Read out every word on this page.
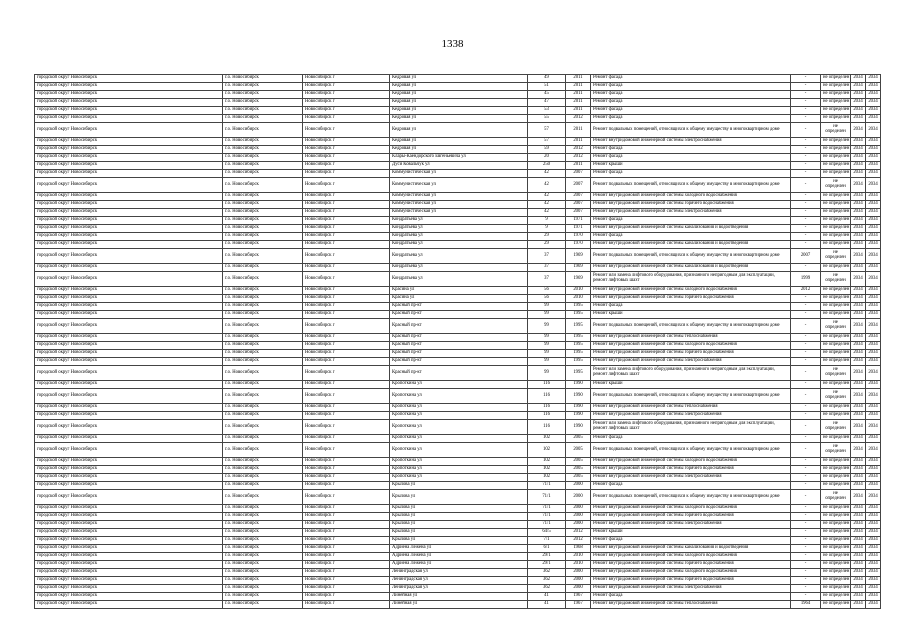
1338
городской округ Новосибирск	г.о. Новосибирск	Новосибирск г	Кедровая ул	49	2011	Ремонт фасада	-	не определен	2034	2034
городской округ Новосибирск	г.о. Новосибирск	Новосибирск г	Кедровая ул	51	2011	Ремонт фасада	-	не определен	2034	2034
городской округ Новосибирск	г.о. Новосибирск	Новосибирск г	Кедровая ул	45	2011	Ремонт фасада	-	не определен	2034	2034
городской округ Новосибирск	г.о. Новосибирск	Новосибирск г	Кедровая ул	47	2011	Ремонт фасада	-	не определен	2034	2034
городской округ Новосибирск	г.о. Новосибирск	Новосибирск г	Кедровая ул	53	2011	Ремонт фасада	-	не определен	2034	2034
городской округ Новосибирск	г.о. Новосибирск	Новосибирск г	Кедровая ул	55	2012	Ремонт фасада	-	не определен	2034	2034
городской округ Новосибирск	г.о. Новосибирск	Новосибирск г	Кедровая ул	57	2011	Ремонт подвальных помещений, относящихся к общему имуществу в многоквартирном доме	-	не определен	2034	2034
городской округ Новосибирск	г.о. Новосибирск	Новосибирск г	Кедровая ул	57	2011	Ремонт внутридомовой инженерной системы электроснабжения	-	не определен	2034	2034
городской округ Новосибирск	г.о. Новосибирск	Новосибирск г	Кедровая ул	59	2012	Ремонт фасада	-	не определен	2034	2034
городской округ Новосибирск	г.о. Новосибирск	Новосибирск г	Клары-Каендорского Евгеньевича ул	20	2012	Ремонт фасада	-	не определен	2034	2034
городской округ Новосибирск	г.о. Новосибирск	Новосибирск г	Дуси Ковальчук ул	250	2011	Ремонт крыши	-	не определен	2034	2034
городской округ Новосибирск	г.о. Новосибирск	Новосибирск г	Коммунистическая ул	42	2007	Ремонт фасада	-	не определен	2034	2034
городской округ Новосибирск	г.о. Новосибирск	Новосибирск г	Коммунистическая ул	42	2007	Ремонт подвальных помещений, относящихся к общему имуществу в многоквартирном доме	-	не определен	2034	2034
городской округ Новосибирск	г.о. Новосибирск	Новосибирск г	Коммунистическая ул	42	2007	Ремонт внутридомовой инженерной системы холодного водоснабжения	-	не определен	2034	2034
городской округ Новосибирск	г.о. Новосибирск	Новосибирск г	Коммунистическая ул	42	2007	Ремонт внутридомовой инженерной системы горячего водоснабжения	-	не определен	2034	2034
городской округ Новосибирск	г.о. Новосибирск	Новосибирск г	Коммунистическая ул	42	2007	Ремонт внутридомовой инженерной системы электроснабжения	-	не определен	2034	2034
городской округ Новосибирск	г.о. Новосибирск	Новосибирск г	Кондратьева ул	9	1971	Ремонт фасада	-	не определен	2034	2034
городской округ Новосибирск	г.о. Новосибирск	Новосибирск г	Кондратьева ул	9	1971	Ремонт внутридомовой инженерной системы канализования и водоотведения	-	не определен	2034	2034
городской округ Новосибирск	г.о. Новосибирск	Новосибирск г	Кондратьева ул	29	1970	Ремонт фасада	-	не определен	2034	2034
городской округ Новосибирск	г.о. Новосибирск	Новосибирск г	Кондратьева ул	29	1970	Ремонт внутридомовой инженерной системы канализования и водоотведения	-	не определен	2034	2034
городской округ Новосибирск	г.о. Новосибирск	Новосибирск г	Кондратьева ул	37	1969	Ремонт подвальных помещений, относящихся к общему имуществу в многоквартирном доме	2007	не определен	2034	2034
городской округ Новосибирск	г.о. Новосибирск	Новосибирск г	Кондратьева ул	37	1969	Ремонт внутридомовой инженерной системы канализования и водоотведения	-	не определен	2034	2034
городской округ Новосибирск	г.о. Новосибирск	Новосибирск г	Кондратьева ул	37	1969	Ремонт или замена лифтового оборудования, признанного непригодным для эксплуатации, ремонт лифтовых шахт	1999	не определен	2034	2034
городской округ Новосибирск	г.о. Новосибирск	Новосибирск г	Красина ул	56	2010	Ремонт внутридомовой инженерной системы холодного водоснабжения	2012	не определен	2034	2034
городской округ Новосибирск	г.о. Новосибирск	Новосибирск г	Красина ул	56	2010	Ремонт внутридомовой инженерной системы горячего водоснабжения	-	не определен	2034	2034
городской округ Новосибирск	г.о. Новосибирск	Новосибирск г	Красный пр-кт	99	1995	Ремонт фасада	-	не определен	2034	2034
городской округ Новосибирск	г.о. Новосибирск	Новосибирск г	Красный пр-кт	99	1995	Ремонт крыши	-	не определен	2034	2034
городской округ Новосибирск	г.о. Новосибирск	Новосибирск г	Красный пр-кт	99	1995	Ремонт подвальных помещений, относящихся к общему имуществу в многоквартирном доме	-	не определен	2034	2034
городской округ Новосибирск	г.о. Новосибирск	Новосибирск г	Красный пр-кт	99	1995	Ремонт внутридомовой инженерной системы теплоснабжения	-	не определен	2034	2034
городской округ Новосибирск	г.о. Новосибирск	Новосибирск г	Красный пр-кт	99	1995	Ремонт внутридомовой инженерной системы холодного водоснабжения	-	не определен	2034	2034
городской округ Новосибирск	г.о. Новосибирск	Новосибирск г	Красный пр-кт	99	1995	Ремонт внутридомовой инженерной системы горячего водоснабжения	-	не определен	2034	2034
городской округ Новосибирск	г.о. Новосибирск	Новосибирск г	Красный пр-кт	99	1995	Ремонт внутридомовой инженерной системы электроснабжения	-	не определен	2034	2034
городской округ Новосибирск	г.о. Новосибирск	Новосибирск г	Красный пр-кт	99	1995	Ремонт или замена лифтового оборудования, признанного непригодным для эксплуатации, ремонт лифтовых шахт	-	не определен	2034	2034
городской округ Новосибирск	г.о. Новосибирск	Новосибирск г	Кропоткина ул	116	1990	Ремонт крыши	-	не определен	2034	2034
городской округ Новосибирск	г.о. Новосибирск	Новосибирск г	Кропоткина ул	116	1990	Ремонт подвальных помещений, относящихся к общему имуществу в многоквартирном доме	-	не определен	2034	2034
городской округ Новосибирск	г.о. Новосибирск	Новосибирск г	Кропоткина ул	116	1990	Ремонт внутридомовой инженерной системы теплоснабжения	-	не определен	2034	2034
городской округ Новосибирск	г.о. Новосибирск	Новосибирск г	Кропоткина ул	116	1990	Ремонт внутридомовой инженерной системы электроснабжения	-	не определен	2034	2034
городской округ Новосибирск	г.о. Новосибирск	Новосибирск г	Кропоткина ул	116	1990	Ремонт или замена лифтового оборудования, признанного непригодным для эксплуатации, ремонт лифтовых шахт	-	не определен	2034	2034
городской округ Новосибирск	г.о. Новосибирск	Новосибирск г	Кропоткина ул	102	2005	Ремонт фасада	-	не определен	2034	2034
городской округ Новосибирск	г.о. Новосибирск	Новосибирск г	Кропоткина ул	102	2005	Ремонт подвальных помещений, относящихся к общему имуществу в многоквартирном доме	-	не определен	2034	2034
городской округ Новосибирск	г.о. Новосибирск	Новосибирск г	Кропоткина ул	102	2005	Ремонт внутридомовой инженерной системы холодного водоснабжения	-	не определен	2034	2034
городской округ Новосибирск	г.о. Новосибирск	Новосибирск г	Кропоткина ул	102	2005	Ремонт внутридомовой инженерной системы горячего водоснабжения	-	не определен	2034	2034
городской округ Новосибирск	г.о. Новосибирск	Новосибирск г	Кропоткина ул	102	2005	Ремонт внутридомовой инженерной системы электроснабжения	-	не определен	2034	2034
городской округ Новосибирск	г.о. Новосибирск	Новосибирск г	Крылова ул	71/1	2000	Ремонт фасада	-	не определен	2034	2034
городской округ Новосибирск	г.о. Новосибирск	Новосибирск г	Крылова ул	71/1	2000	Ремонт подвальных помещений, относящихся к общему имуществу в многоквартирном доме	-	не определен	2034	2034
городской округ Новосибирск	г.о. Новосибирск	Новосибирск г	Крылова ул	71/1	2000	Ремонт внутридомовой инженерной системы холодного водоснабжения	-	не определен	2034	2034
городской округ Новосибирск	г.о. Новосибирск	Новосибирск г	Крылова ул	71/1	2000	Ремонт внутридомовой инженерной системы горячего водоснабжения	-	не определен	2034	2034
городской округ Новосибирск	г.о. Новосибирск	Новосибирск г	Крылова ул	71/1	2000	Ремонт внутридомовой инженерной системы электроснабжения	-	не определен	2034	2034
городской округ Новосибирск	г.о. Новосибирск	Новосибирск г	Крылова ул	64/5	2012	Ремонт крыши	-	не определен	2034	2034
городской округ Новосибирск	г.о. Новосибирск	Новосибирск г	Крылова ул	7/1	2012	Ремонт фасада	-	не определен	2034	2034
городской округ Новосибирск	г.о. Новосибирск	Новосибирск г	Адриена Лежена ул	6/1	1968	Ремонт внутридомовой инженерной системы канализования и водоотведения	-	не определен	2034	2034
городской округ Новосибирск	г.о. Новосибирск	Новосибирск г	Адриена Лежена ул	29/1	2010	Ремонт внутридомовой инженерной системы холодного водоснабжения	-	не определен	2034	2034
городской округ Новосибирск	г.о. Новосибирск	Новосибирск г	Адриена Лежена ул	29/1	2010	Ремонт внутридомовой инженерной системы горячего водоснабжения	-	не определен	2034	2034
городской округ Новосибирск	г.о. Новосибирск	Новосибирск г	Ленинградская ул	362	2000	Ремонт внутридомовой инженерной системы холодного водоснабжения	-	не определен	2034	2034
городской округ Новосибирск	г.о. Новосибирск	Новосибирск г	Ленинградская ул	362	2000	Ремонт внутридомовой инженерной системы горячего водоснабжения	-	не определен	2034	2034
городской округ Новосибирск	г.о. Новосибирск	Новосибирск г	Ленинградская ул	362	2000	Ремонт внутридомовой инженерной системы электроснабжения	-	не определен	2034	2034
городской округ Новосибирск	г.о. Новосибирск	Новосибирск г	Линейная ул	41	1967	Ремонт фасада	-	не определен	2034	2034
городской округ Новосибирск	г.о. Новосибирск	Новосибирск г	Линейная ул	41	1967	Ремонт внутридомовой инженерной системы теплоснабжения	1964	не определен	2034	2034
